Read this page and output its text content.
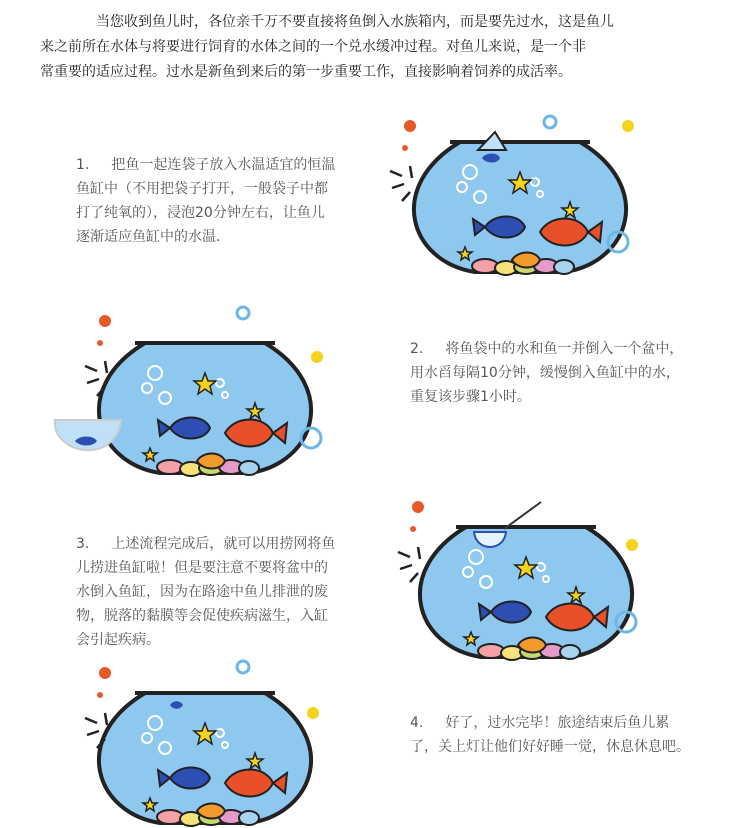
当您收到鱼儿时，各位亲千万不要直接将鱼倒入水族箱内，而是要先过水，这是鱼儿
来之前所在水体与将要进行饲育的水体之间的一个兑水缓冲过程。对鱼儿来说，是一个非
常重要的适应过程。过水是新鱼到来后的第一步重要工作，直接影响着饲养的成活率。
1. 把鱼一起连袋子放入水温适宜的恒温
鱼缸中（不用把袋子打开，一般袋子中都
打了纯氧的），浸泡20分钟左右，让鱼儿
逐渐适应鱼缸中的水温.
2. 将鱼袋中的水和鱼一并倒入一个盆中，
用水舀每隔10分钟，缓慢倒入鱼缸中的水，
重复该步骤1小时。
3. 上述流程完成后，就可以用捞网将鱼
儿捞进鱼缸啦！但是要注意不要将盆中的
水倒入鱼缸，因为在路途中鱼儿排泄的废
物，脱落的黏膜等会促使疾病滋生，入缸
会引起疾病。
4. 好了，过水完毕！旅途结束后鱼儿累
了，关上灯让他们好好睡一觉，休息休息吧。
